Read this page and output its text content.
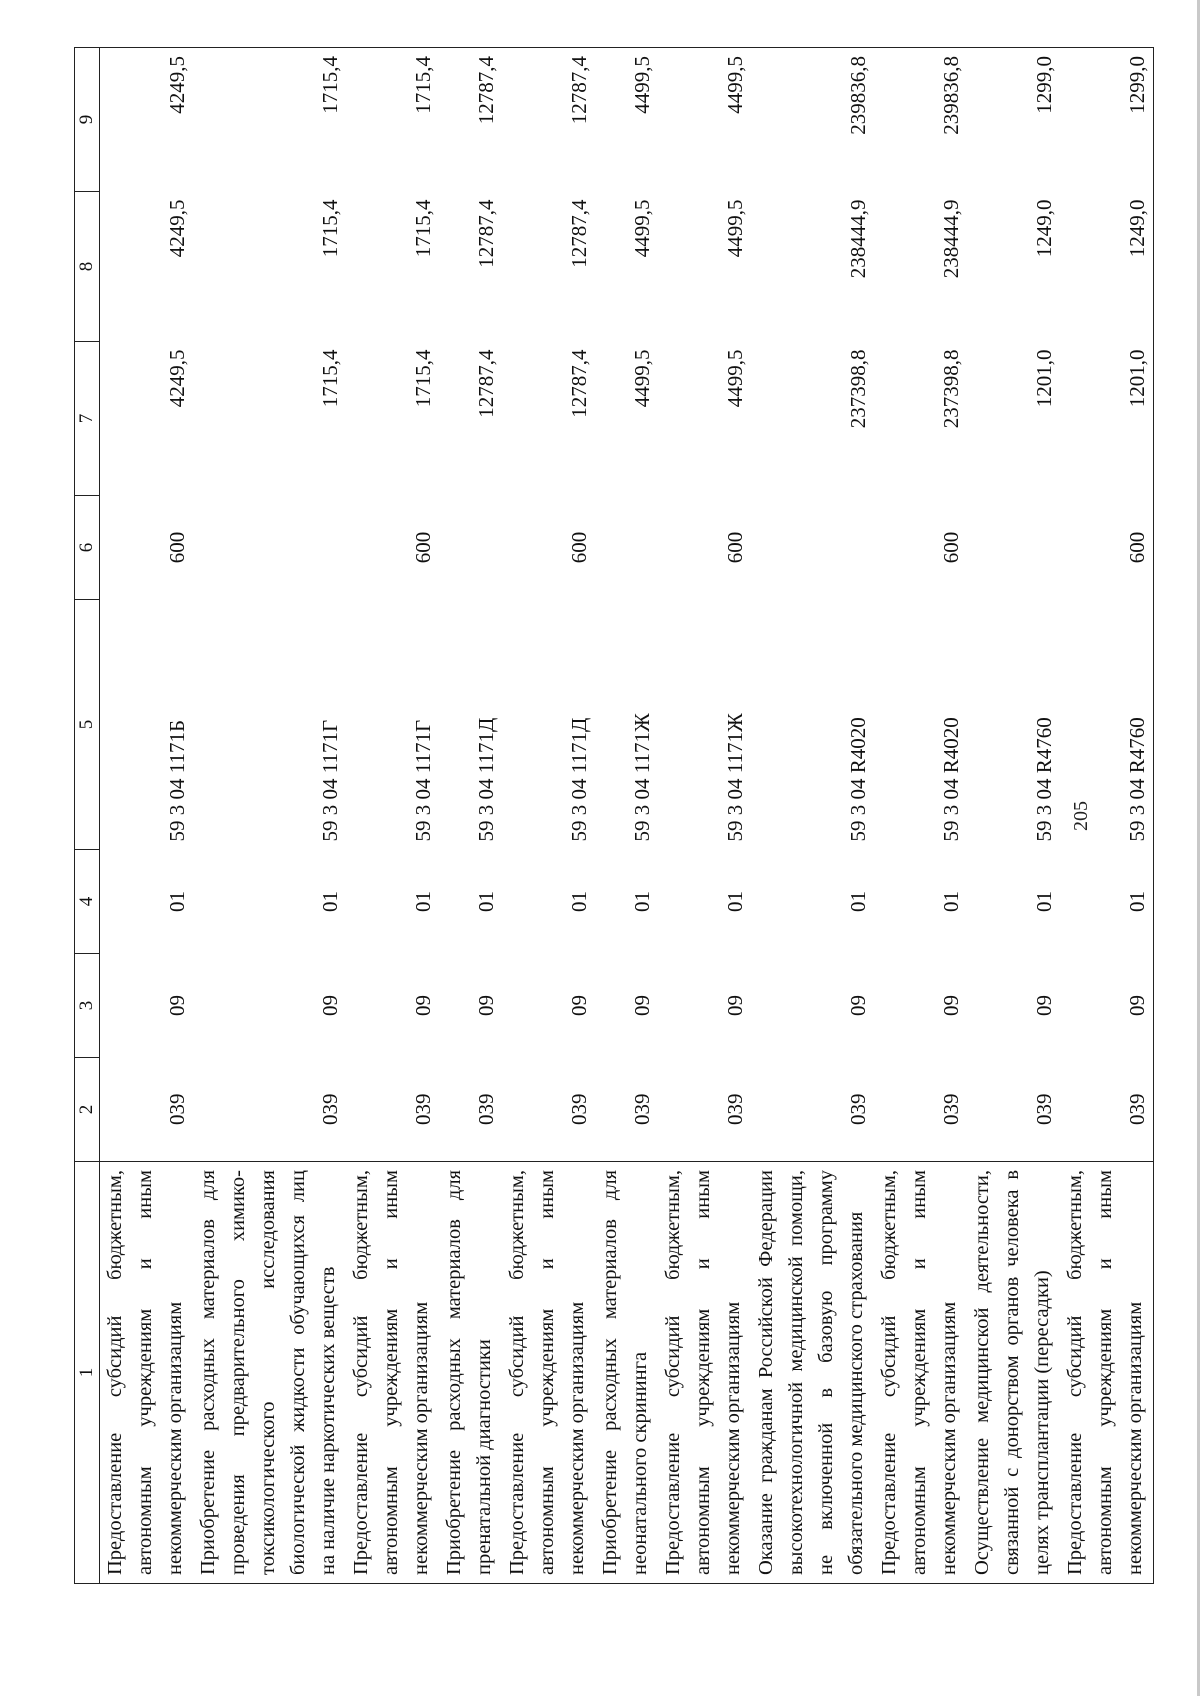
1	2	3	4	5	6	7	8	9
Предоставление субсидий бюджетным, автономным учреждениям и иным некоммерческим организациям	039	09	01	59 3 04 1171Б	600	4249,5	4249,5	4249,5
Приобретение расходных материалов для проведения предварительного химико-токсикологического исследования биологической жидкости обучающихся лиц на наличие наркотических веществ	039	09	01	59 3 04 1171Г		1715,4	1715,4	1715,4
Предоставление субсидий бюджетным, автономным учреждениям и иным некоммерческим организациям	039	09	01	59 3 04 1171Г	600	1715,4	1715,4	1715,4
Приобретение расходных материалов для пренатальной диагностики	039	09	01	59 3 04 1171Д		12787,4	12787,4	12787,4
Предоставление субсидий бюджетным, автономным учреждениям и иным некоммерческим организациям	039	09	01	59 3 04 1171Д	600	12787,4	12787,4	12787,4
Приобретение расходных материалов для неонатального скрининга	039	09	01	59 3 04 1171Ж		4499,5	4499,5	4499,5
Предоставление субсидий бюджетным, автономным учреждениям и иным некоммерческим организациям	039	09	01	59 3 04 1171Ж	600	4499,5	4499,5	4499,5
Оказание гражданам Российской Федерации высокотехнологичной медицинской помощи, не включенной в базовую программу обязательного медицинского страхования	039	09	01	59 3 04 R4020		237398,8	238444,9	239836,8
Предоставление субсидий бюджетным, автономным учреждениям и иным некоммерческим организациям	039	09	01	59 3 04 R4020	600	237398,8	238444,9	239836,8
Осуществление медицинской деятельности, связанной с донорством органов человека в целях трансплантации (пересадки)	039	09	01	59 3 04 R4760		1201,0	1249,0	1299,0
Предоставление субсидий бюджетным, автономным учреждениям и иным некоммерческим организациям	039	09	01	59 3 04 R4760	600	1201,0	1249,0	1299,0
205
